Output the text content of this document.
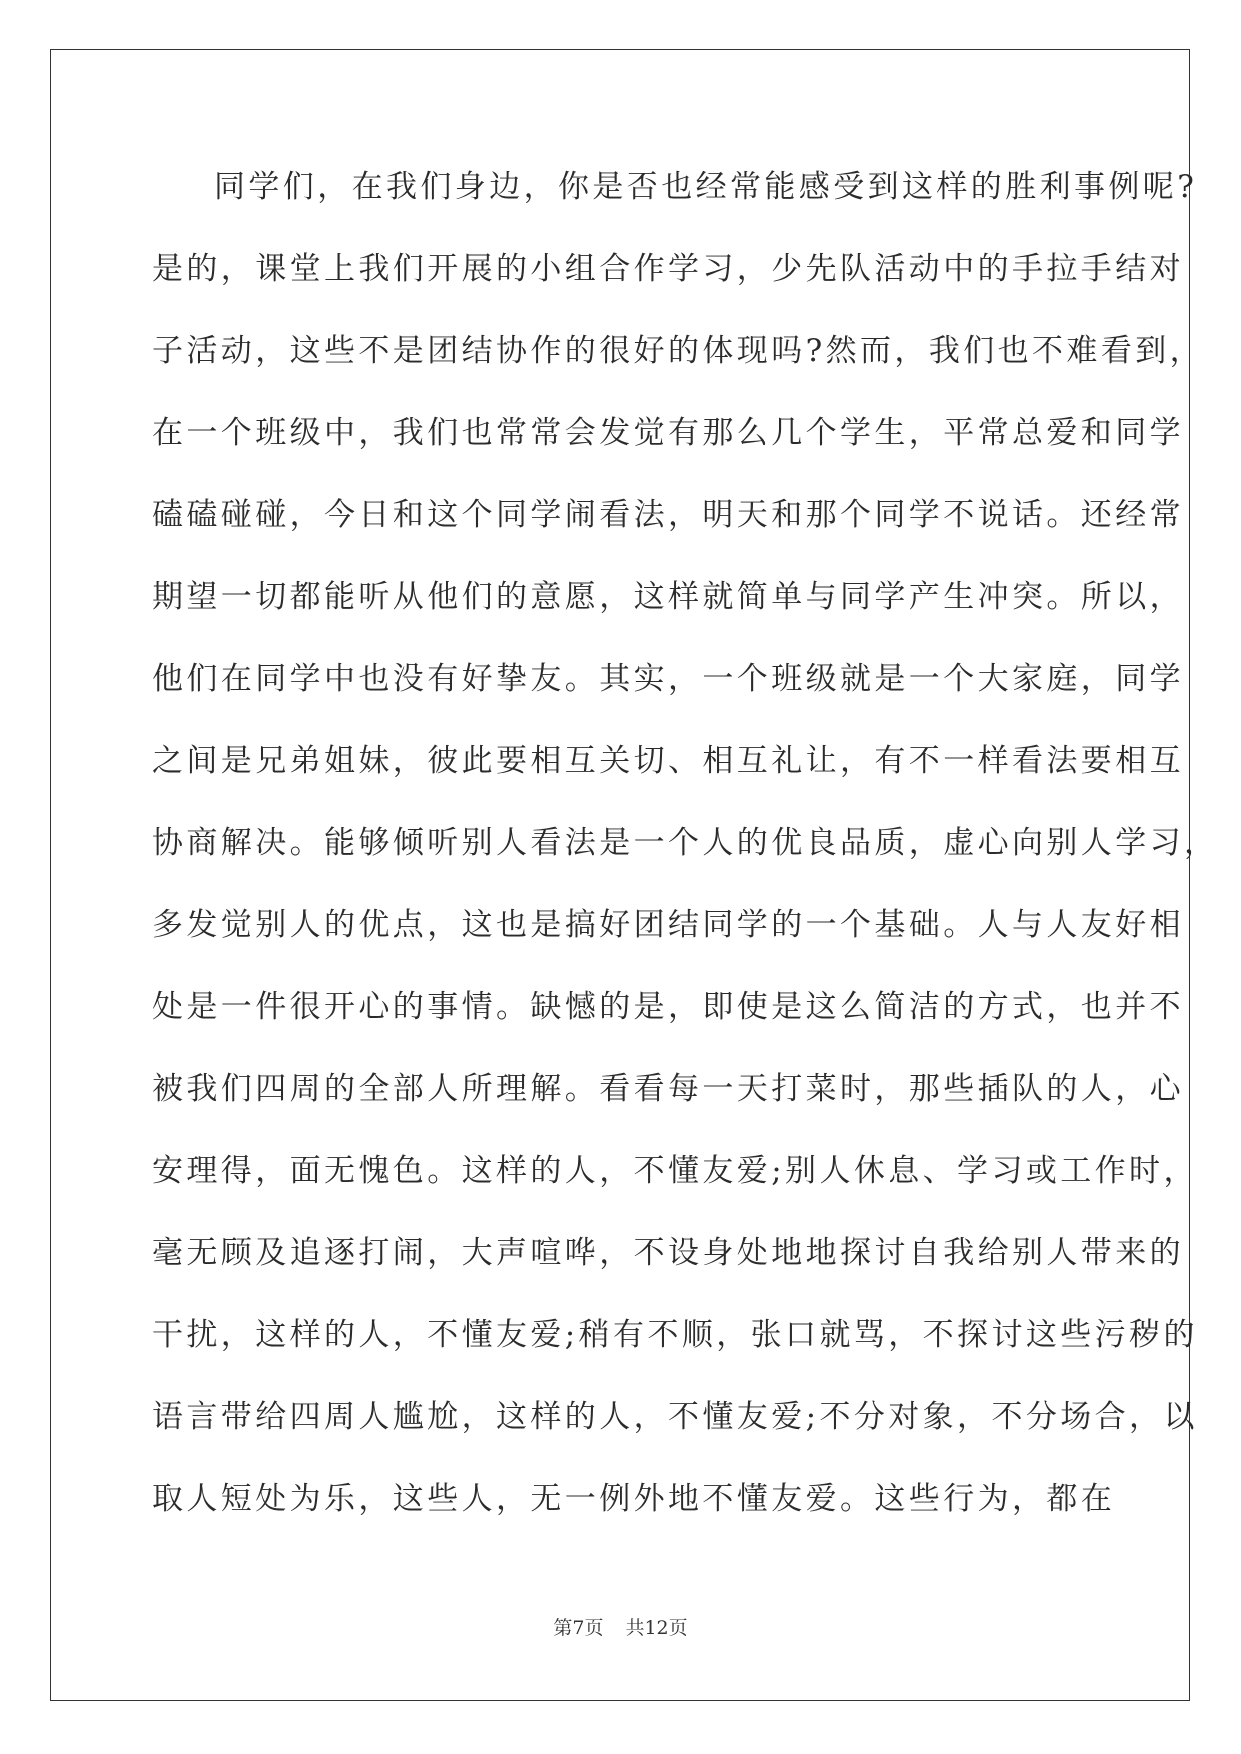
同学们，在我们身边，你是否也经常能感受到这样的胜利事例呢?
是的，课堂上我们开展的小组合作学习，少先队活动中的手拉手结对
子活动，这些不是团结协作的很好的体现吗?然而，我们也不难看到，
在一个班级中，我们也常常会发觉有那么几个学生，平常总爱和同学
磕磕碰碰，今日和这个同学闹看法，明天和那个同学不说话。还经常
期望一切都能听从他们的意愿，这样就简单与同学产生冲突。所以，
他们在同学中也没有好挚友。其实，一个班级就是一个大家庭，同学
之间是兄弟姐妹，彼此要相互关切、相互礼让，有不一样看法要相互
协商解决。能够倾听别人看法是一个人的优良品质，虚心向别人学习，
多发觉别人的优点，这也是搞好团结同学的一个基础。人与人友好相
处是一件很开心的事情。缺憾的是，即使是这么简洁的方式，也并不
被我们四周的全部人所理解。看看每一天打菜时，那些插队的人，心
安理得，面无愧色。这样的人，不懂友爱;别人休息、学习或工作时，
毫无顾及追逐打闹，大声喧哗，不设身处地地探讨自我给别人带来的
干扰，这样的人，不懂友爱;稍有不顺，张口就骂，不探讨这些污秽的
语言带给四周人尴尬，这样的人，不懂友爱;不分对象，不分场合，以
取人短处为乐，这些人，无一例外地不懂友爱。这些行为，都在
第7页 共12页
